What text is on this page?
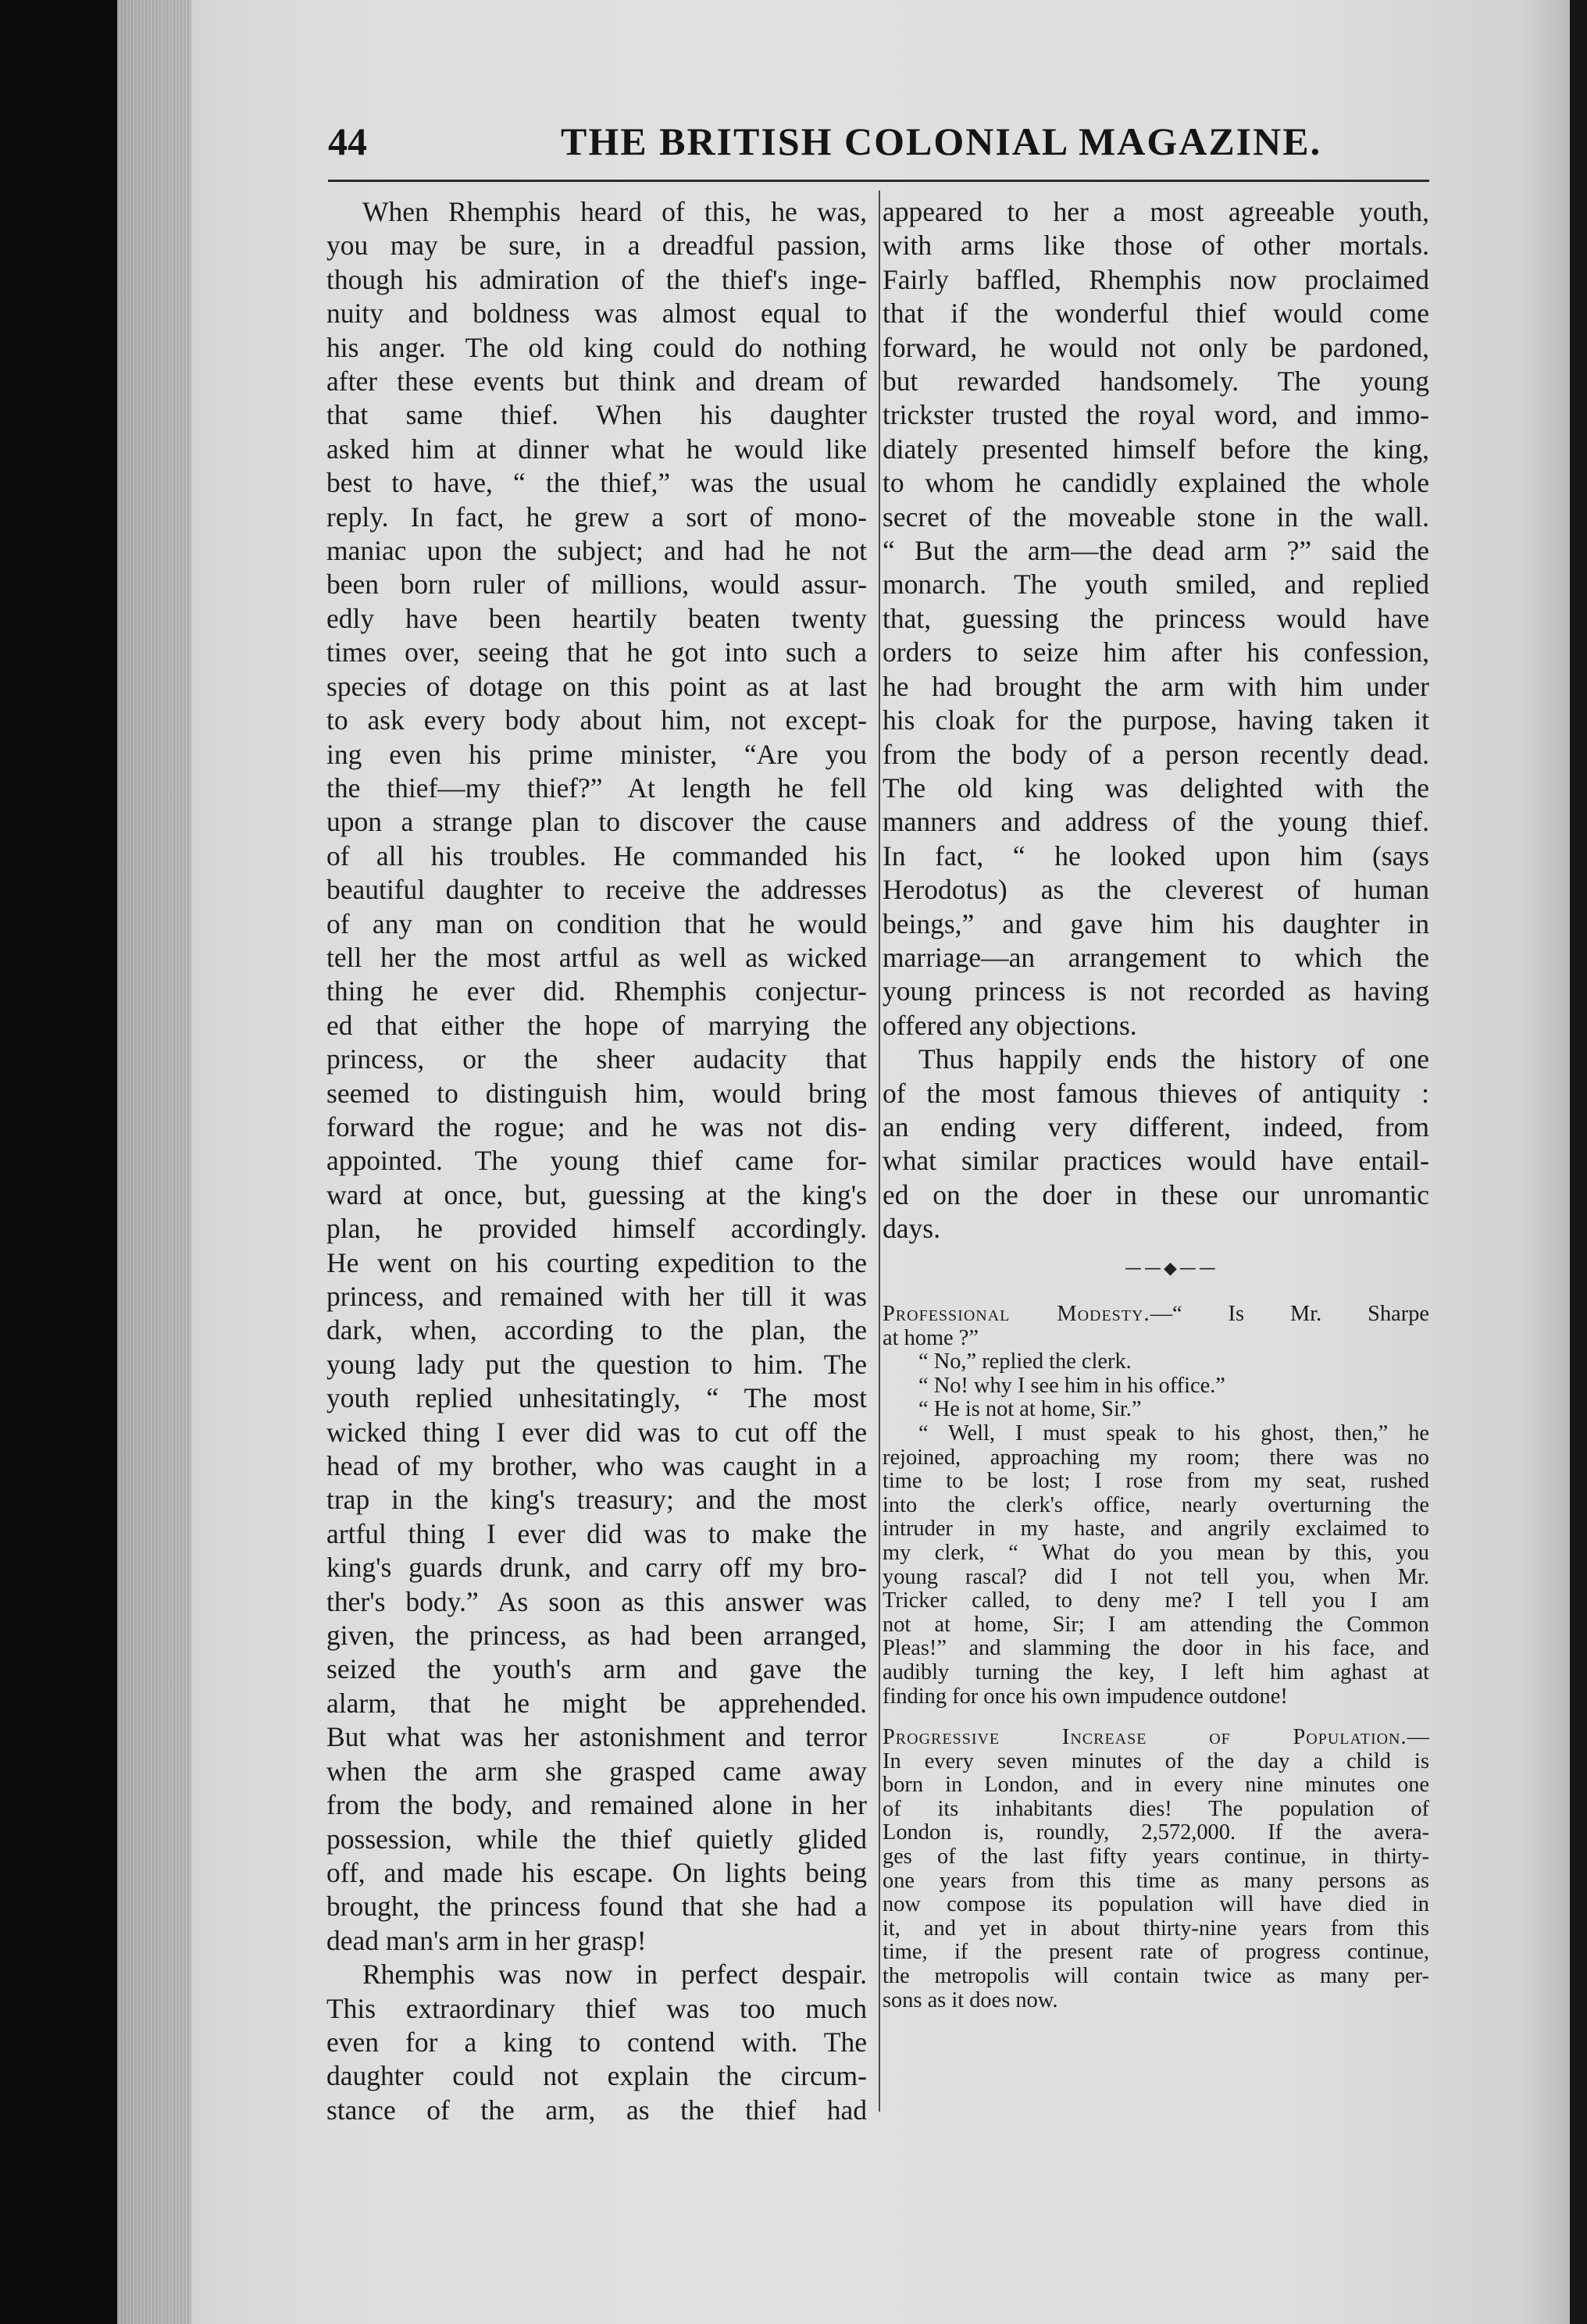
44	THE BRITISH COLONIAL MAGAZINE.
When Rhemphis heard of this, he was,
you may be sure, in a dreadful passion,
though his admiration of the thief's inge-
nuity and boldness was almost equal to
his anger. The old king could do nothing
after these events but think and dream of
that same thief. When his daughter
asked him at dinner what he would like
best to have, “ the thief,” was the usual
reply. In fact, he grew a sort of mono-
maniac upon the subject; and had he not
been born ruler of millions, would assur-
edly have been heartily beaten twenty
times over, seeing that he got into such a
species of dotage on this point as at last
to ask every body about him, not except-
ing even his prime minister, “Are you
the thief—my thief?” At length he fell
upon a strange plan to discover the cause
of all his troubles. He commanded his
beautiful daughter to receive the addresses
of any man on condition that he would
tell her the most artful as well as wicked
thing he ever did. Rhemphis conjectur-
ed that either the hope of marrying the
princess, or the sheer audacity that
seemed to distinguish him, would bring
forward the rogue; and he was not dis-
appointed. The young thief came for-
ward at once, but, guessing at the king's
plan, he provided himself accordingly.
He went on his courting expedition to the
princess, and remained with her till it was
dark, when, according to the plan, the
young lady put the question to him. The
youth replied unhesitatingly, “ The most
wicked thing I ever did was to cut off the
head of my brother, who was caught in a
trap in the king's treasury; and the most
artful thing I ever did was to make the
king's guards drunk, and carry off my bro-
ther's body.” As soon as this answer was
given, the princess, as had been arranged,
seized the youth's arm and gave the
alarm, that he might be apprehended.
But what was her astonishment and terror
when the arm she grasped came away
from the body, and remained alone in her
possession, while the thief quietly glided
off, and made his escape. On lights being
brought, the princess found that she had a
dead man's arm in her grasp!
Rhemphis was now in perfect despair.
This extraordinary thief was too much
even for a king to contend with. The
daughter could not explain the circum-
stance of the arm, as the thief had
appeared to her a most agreeable youth,
with arms like those of other mortals.
Fairly baffled, Rhemphis now proclaimed
that if the wonderful thief would come
forward, he would not only be pardoned,
but rewarded handsomely. The young
trickster trusted the royal word, and immo-
diately presented himself before the king,
to whom he candidly explained the whole
secret of the moveable stone in the wall.
“ But the arm—the dead arm ?” said the
monarch. The youth smiled, and replied
that, guessing the princess would have
orders to seize him after his confession,
he had brought the arm with him under
his cloak for the purpose, having taken it
from the body of a person recently dead.
The old king was delighted with the
manners and address of the young thief.
In fact, “ he looked upon him (says
Herodotus) as the cleverest of human
beings,” and gave him his daughter in
marriage—an arrangement to which the
young princess is not recorded as having
offered any objections.
Thus happily ends the history of one
of the most famous thieves of antiquity :
an ending very different, indeed, from
what similar practices would have entail-
ed on the doer in these our unromantic
days.
——◆——
Professional Modesty.—“ Is Mr. Sharpe
at home ?”
“ No,” replied the clerk.
“ No! why I see him in his office.”
“ He is not at home, Sir.”
“ Well, I must speak to his ghost, then,” he
rejoined, approaching my room; there was no
time to be lost; I rose from my seat, rushed
into the clerk's office, nearly overturning the
intruder in my haste, and angrily exclaimed to
my clerk, “ What do you mean by this, you
young rascal? did I not tell you, when Mr.
Tricker called, to deny me? I tell you I am
not at home, Sir; I am attending the Common
Pleas!” and slamming the door in his face, and
audibly turning the key, I left him aghast at
finding for once his own impudence outdone!
Progressive Increase of Population.—
In every seven minutes of the day a child is
born in London, and in every nine minutes one
of its inhabitants dies! The population of
London is, roundly, 2,572,000. If the avera-
ges of the last fifty years continue, in thirty-
one years from this time as many persons as
now compose its population will have died in
it, and yet in about thirty-nine years from this
time, if the present rate of progress continue,
the metropolis will contain twice as many per-
sons as it does now.
